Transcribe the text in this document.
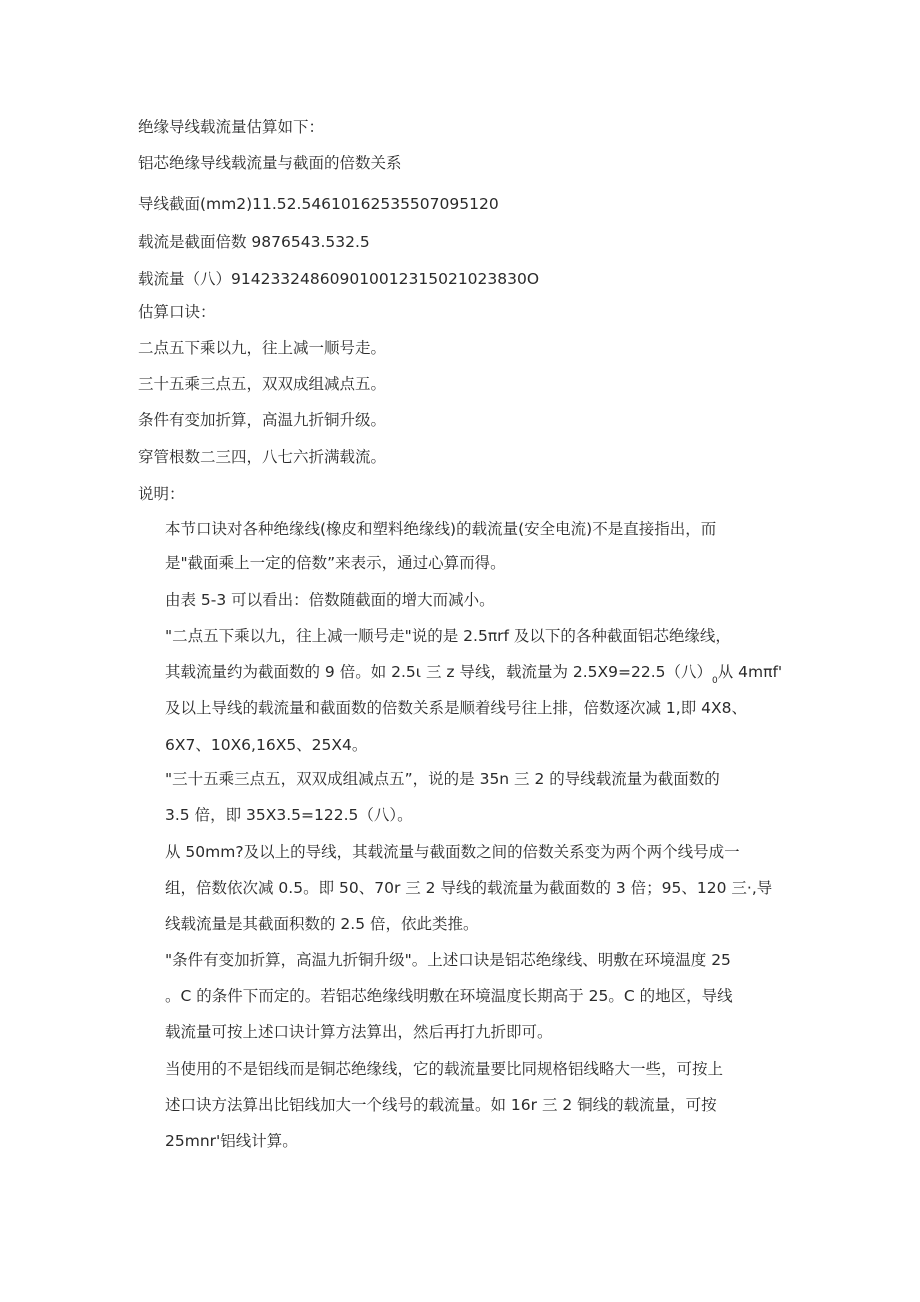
绝缘导线载流量估算如下：
铝芯绝缘导线载流量与截面的倍数关系
导线截面(mm2)11.52.54610162535507095120
载流是截面倍数 9876543.532.5
载流量（八）914233248609010012315021023830O
估算口诀：
二点五下乘以九，往上减一顺号走。
三十五乘三点五，双双成组减点五。
条件有变加折算，高温九折铜升级。
穿管根数二三四，八七六折满载流。
说明：
本节口诀对各种绝缘线(橡皮和塑料绝缘线)的载流量(安全电流)不是直接指出，而
是"截面乘上一定的倍数”来表示，通过心算而得。
由表 5-3 可以看出：倍数随截面的增大而减小。
"二点五下乘以九，往上减一顺号走"说的是 2.5πrf 及以下的各种截面铝芯绝缘线，
其载流量约为截面数的 9 倍。如 2.5ι 三 z 导线，载流量为 2.5X9=22.5（八）$_0$从 4mπf'
及以上导线的载流量和截面数的倍数关系是顺着线号往上排，倍数逐次减 1,即 4X8、
6X7、10X6,16X5、25X4。
"三十五乘三点五，双双成组减点五”，说的是 35n 三 2 的导线载流量为截面数的
3.5 倍，即 35X3.5=122.5（八）。
从 50mm?及以上的导线，其载流量与截面数之间的倍数关系变为两个两个线号成一
组，倍数依次减 0.5。即 50、70r 三 2 导线的载流量为截面数的 3 倍；95、120 三·,导
线载流量是其截面积数的 2.5 倍，依此类推。
"条件有变加折算，高温九折铜升级"。上述口诀是铝芯绝缘线、明敷在环境温度 25
。C 的条件下而定的。若铝芯绝缘线明敷在环境温度长期高于 25。C 的地区，导线
载流量可按上述口诀计算方法算出，然后再打九折即可。
当使用的不是铝线而是铜芯绝缘线，它的载流量要比同规格铝线略大一些，可按上
述口诀方法算出比铝线加大一个线号的载流量。如 16r 三 2 铜线的载流量，可按
25mnr'铝线计算。
